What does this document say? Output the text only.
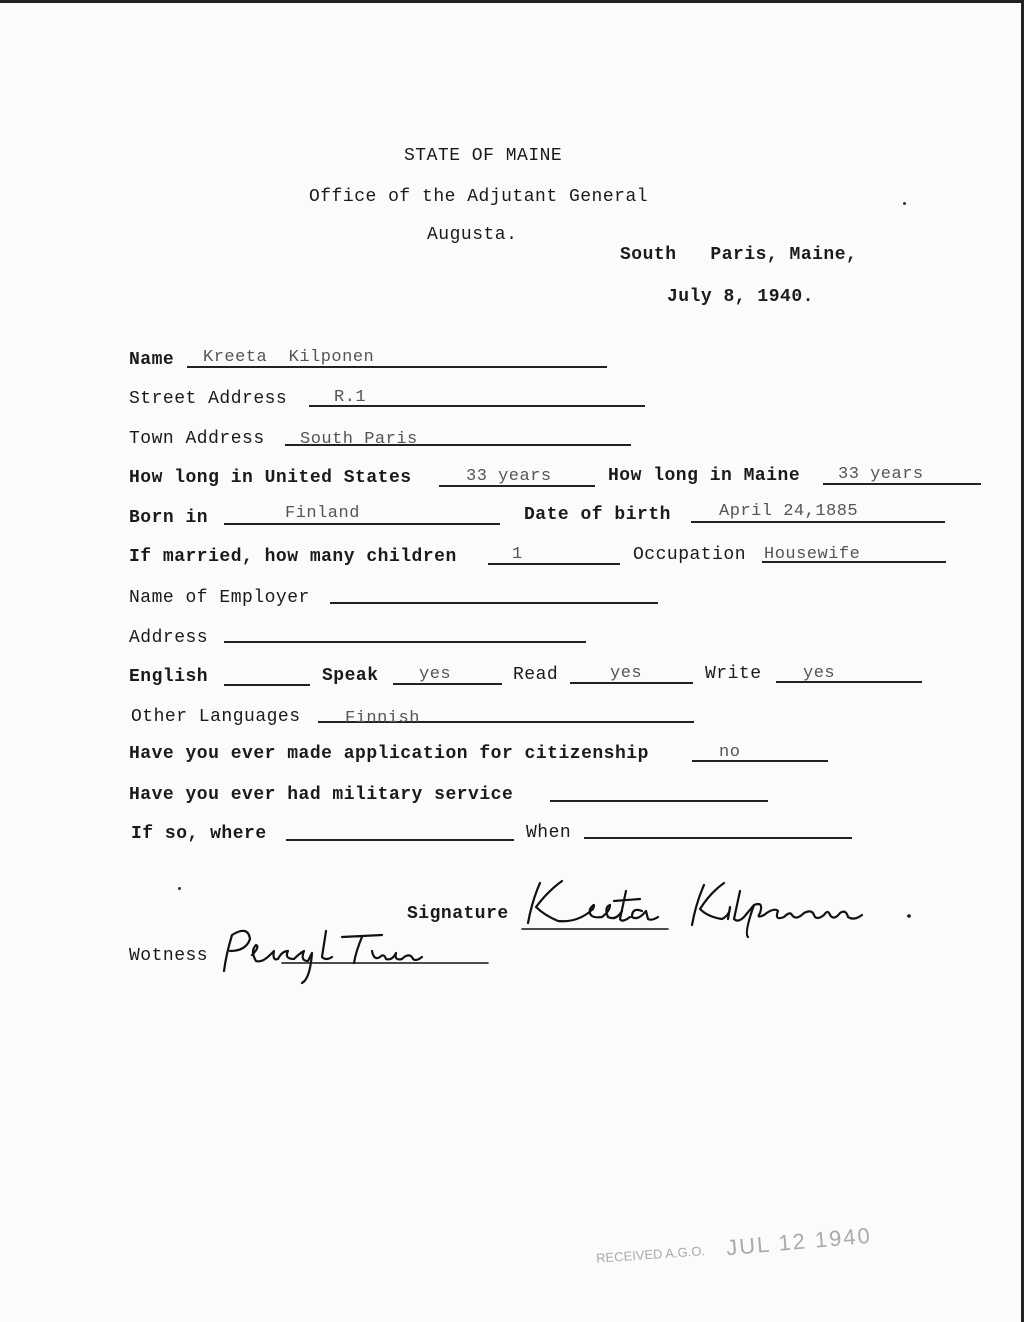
STATE OF MAINE
Office of the Adjutant General
Augusta.
South   Paris, Maine,
July 8, 1940.
Name Kreeta  Kilponen
Street Address	R.1
Town Address South Paris
How long in United States	33 years	How long in Maine 33 years
Born in	Finland	Date of birth	April 24,1885
If married, how many children	1	Occupation Housewife
Name of Employer
Address
English	Speak yes	Read	yes	Write yes
Other Languages	Finnish
Have you ever made application for citizenship	no
Have you ever had military service
If so, where	When
Signature
Wotness
RECEIVED A.G.O. JUL 12 1940
